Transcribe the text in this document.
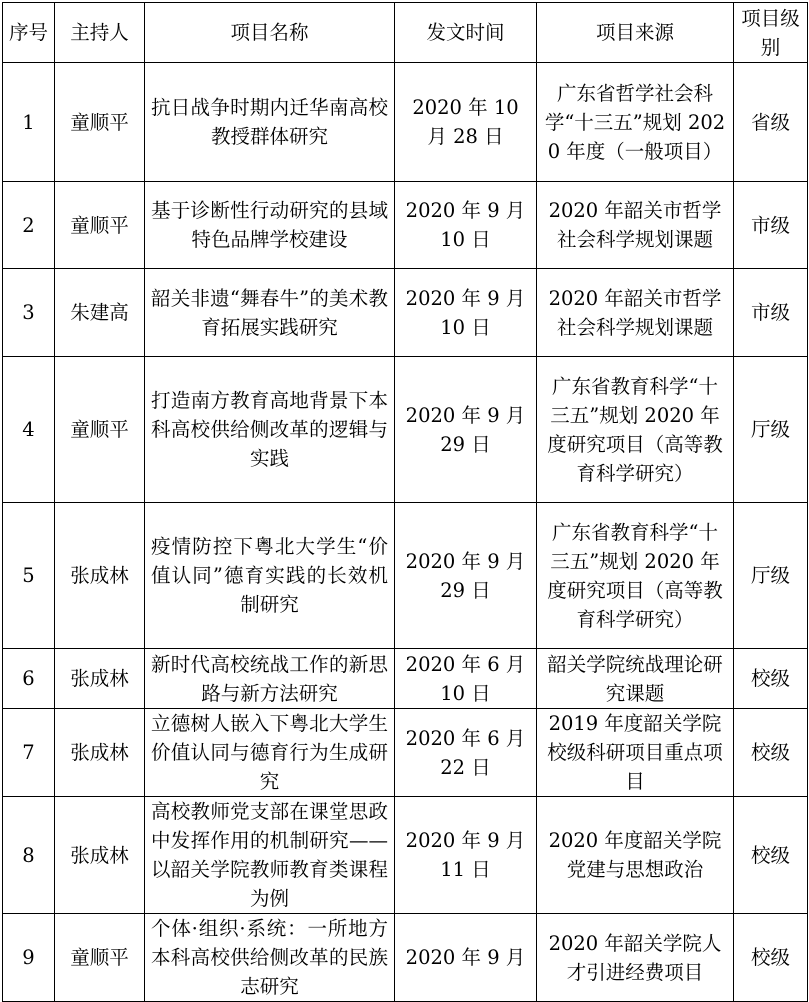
序号	主持人	项目名称	发文时间	项目来源	项目级别
1	童顺平	抗日战争时期内迁华南高校教授群体研究	2020 年 10 月 28 日	广东省哲学社会科学“十三五”规划 2020 年度（一般项目）	省级
2	童顺平	基于诊断性行动研究的县域特色品牌学校建设	2020 年 9 月 10 日	2020 年韶关市哲学社会科学规划课题	市级
3	朱建高	韶关非遗“舞春牛”的美术教育拓展实践研究	2020 年 9 月 10 日	2020 年韶关市哲学社会科学规划课题	市级
4	童顺平	打造南方教育高地背景下本科高校供给侧改革的逻辑与实践	2020 年 9 月 29 日	广东省教育科学“十三五”规划 2020 年度研究项目（高等教育科学研究）	厅级
5	张成林	疫情防控下粤北大学生“价值认同”德育实践的长效机制研究	2020 年 9 月 29 日	广东省教育科学“十三五”规划 2020 年度研究项目（高等教育科学研究）	厅级
6	张成林	新时代高校统战工作的新思路与新方法研究	2020 年 6 月 10 日	韶关学院统战理论研究课题	校级
7	张成林	立德树人嵌入下粤北大学生价值认同与德育行为生成研究	2020 年 6 月 22 日	2019 年度韶关学院校级科研项目重点项目	校级
8	张成林	高校教师党支部在课堂思政中发挥作用的机制研究——以韶关学院教师教育类课程为例	2020 年 9 月 11 日	2020 年度韶关学院党建与思想政治	校级
9	童顺平	个体·组织·系统：一所地方本科高校供给侧改革的民族志研究	2020 年 9 月	2020 年韶关学院人才引进经费项目	校级
